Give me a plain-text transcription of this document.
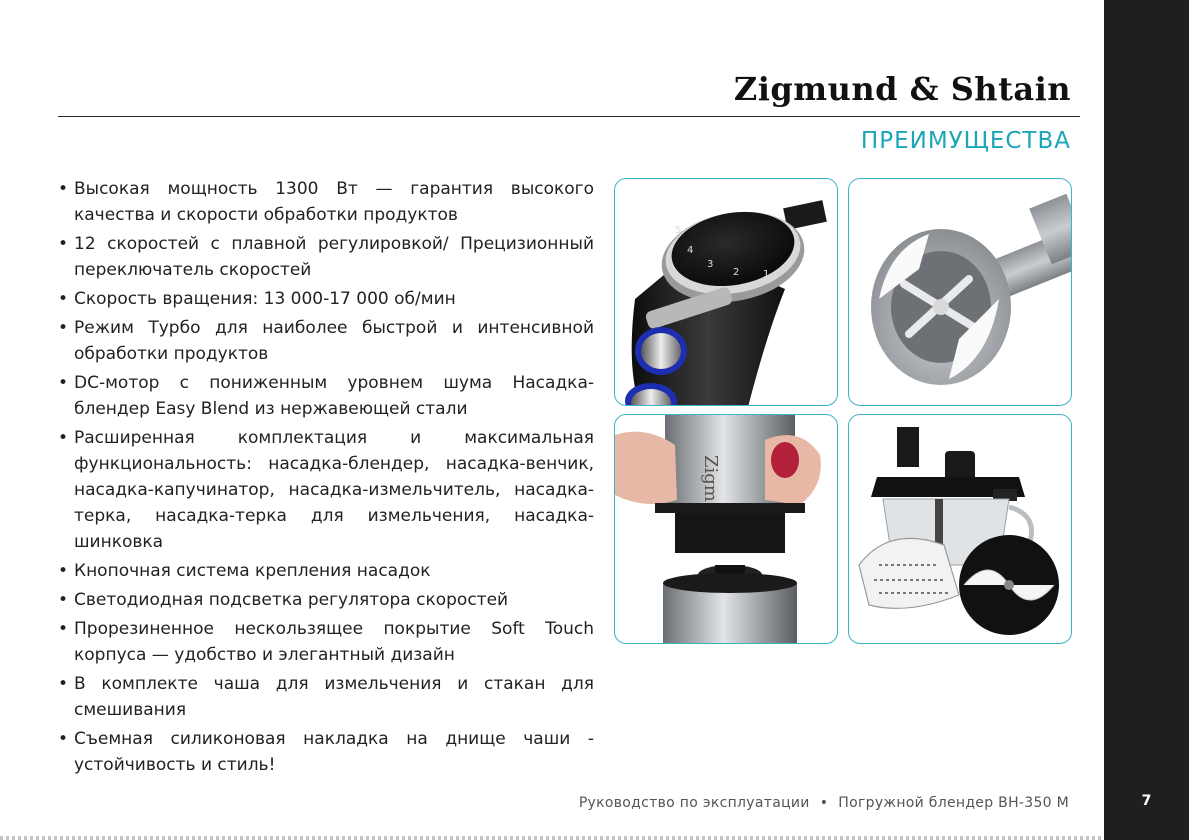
7
Zigmund & Shtain
ПРЕИМУЩЕСТВА
• Высокая мощность 1300 Вт — гарантия высокого качества и скорости обработки продуктов
• 12 скоростей с плавной регулировкой/ Прецизионный переключатель скоростей
• Скорость вращения: 13 000-17 000 об/мин
• Режим Турбо для наиболее быстрой и интенсивной обработки продуктов
• DC-мотор с пониженным уровнем шума Насадка-блендер Easy Blend из нержавеющей стали
• Расширенная комплектация и максимальная функциональность: насадка-блендер, насадка-венчик, насадка-капучинатор, насадка-измельчитель, насадка-терка, насадка-терка для измельчения, насадка-шинковка
• Кнопочная система крепления насадок
• Светодиодная подсветка регулятора скоростей
• Прорезиненное нескользящее покрытие Soft Touch корпуса — удобство и элегантный дизайн
• В комплекте чаша для измельчения и стакан для смешивания
• Съемная силиконовая накладка на днище чаши - устойчивость и стиль!
4
3
2 1
5
Zigm
Руководство по эксплуатации • Погружной блендер BH-350 M
